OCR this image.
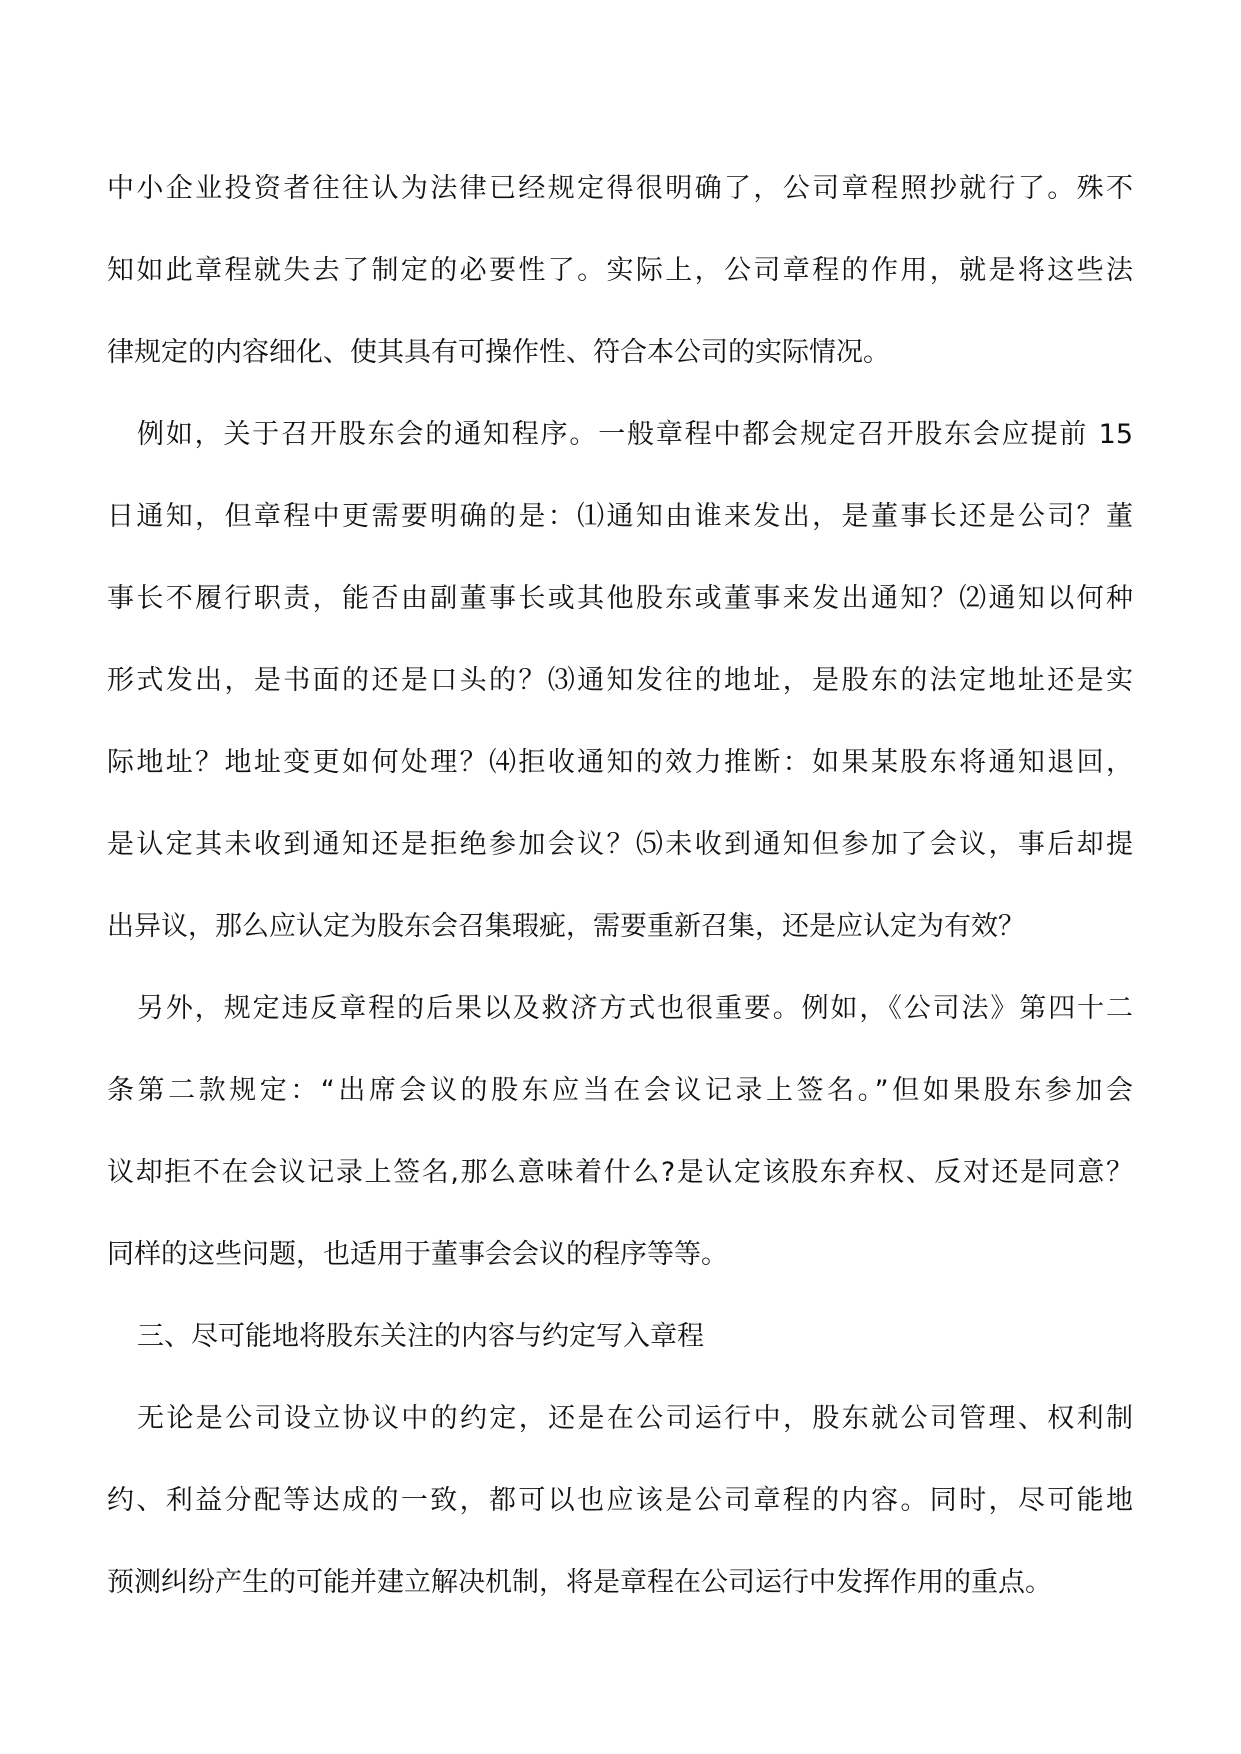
中小企业投资者往往认为法律已经规定得很明确了，公司章程照抄就行了。殊不
知如此章程就失去了制定的必要性了。实际上，公司章程的作用，就是将这些法
律规定的内容细化、使其具有可操作性、符合本公司的实际情况。
例如，关于召开股东会的通知程序。一般章程中都会规定召开股东会应提前 15
日通知，但章程中更需要明确的是：⑴通知由谁来发出，是董事长还是公司？董
事长不履行职责，能否由副董事长或其他股东或董事来发出通知？⑵通知以何种
形式发出，是书面的还是口头的？⑶通知发往的地址，是股东的法定地址还是实
际地址？地址变更如何处理？⑷拒收通知的效力推断：如果某股东将通知退回，
是认定其未收到通知还是拒绝参加会议？⑸未收到通知但参加了会议，事后却提
出异议，那么应认定为股东会召集瑕疵，需要重新召集，还是应认定为有效？
另外，规定违反章程的后果以及救济方式也很重要。例如，《公司法》第四十二
条第二款规定：“出席会议的股东应当在会议记录上签名。”但如果股东参加会
议却拒不在会议记录上签名,那么意味着什么?是认定该股东弃权、反对还是同意？
同样的这些问题，也适用于董事会会议的程序等等。
三、尽可能地将股东关注的内容与约定写入章程
无论是公司设立协议中的约定，还是在公司运行中，股东就公司管理、权利制
约、利益分配等达成的一致，都可以也应该是公司章程的内容。同时，尽可能地
预测纠纷产生的可能并建立解决机制，将是章程在公司运行中发挥作用的重点。
